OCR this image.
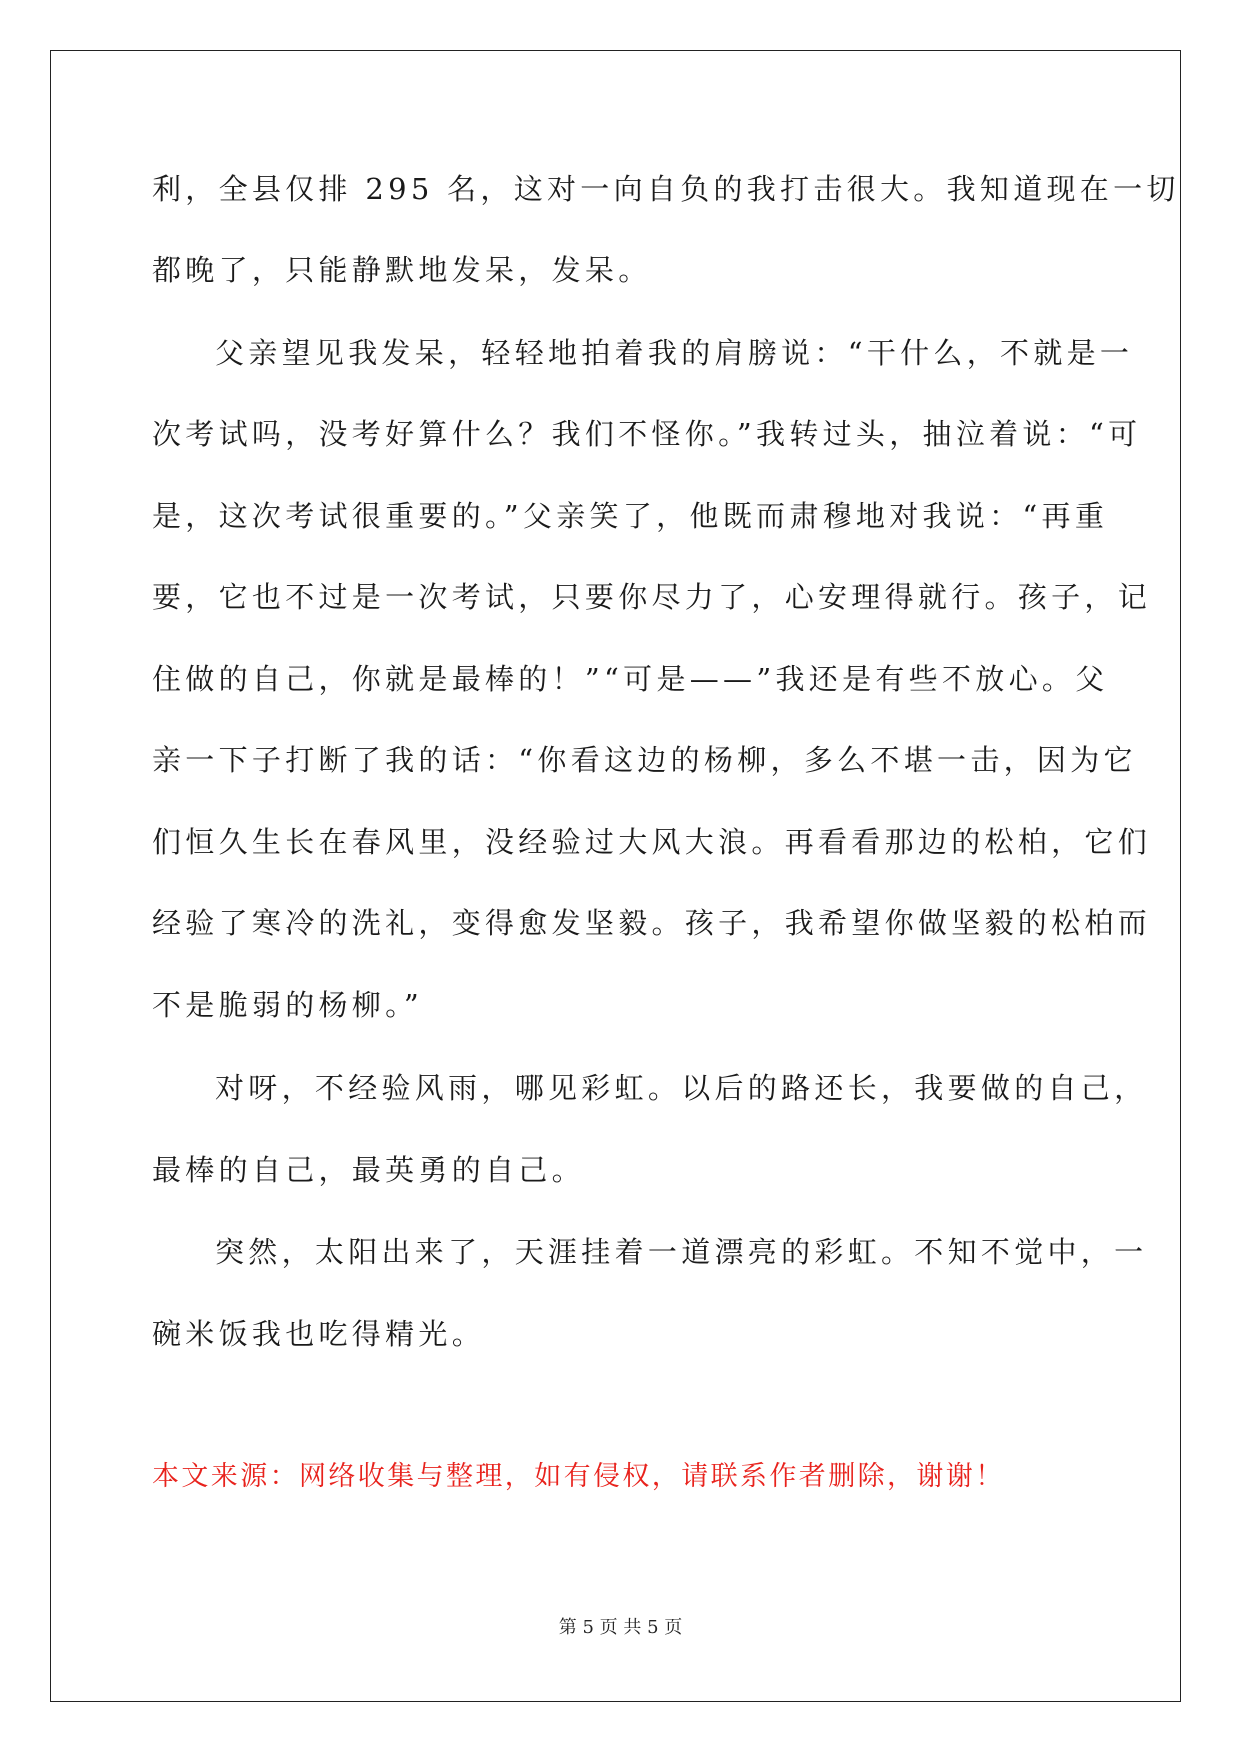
利，全县仅排 295 名，这对一向自负的我打击很大。我知道现在一切
都晚了，只能静默地发呆，发呆。
父亲望见我发呆，轻轻地拍着我的肩膀说：“干什么，不就是一
次考试吗，没考好算什么？我们不怪你。”我转过头，抽泣着说：“可
是，这次考试很重要的。”父亲笑了，他既而肃穆地对我说：“再重
要，它也不过是一次考试，只要你尽力了，心安理得就行。孩子，记
住做的自己，你就是最棒的！”“可是——”我还是有些不放心。父
亲一下子打断了我的话：“你看这边的杨柳，多么不堪一击，因为它
们恒久生长在春风里，没经验过大风大浪。再看看那边的松柏，它们
经验了寒冷的洗礼，变得愈发坚毅。孩子，我希望你做坚毅的松柏而
不是脆弱的杨柳。”
对呀，不经验风雨，哪见彩虹。以后的路还长，我要做的自己，
最棒的自己，最英勇的自己。
突然，太阳出来了，天涯挂着一道漂亮的彩虹。不知不觉中，一
碗米饭我也吃得精光。
本文来源：网络收集与整理，如有侵权，请联系作者删除，谢谢！
第 5 页 共 5 页
